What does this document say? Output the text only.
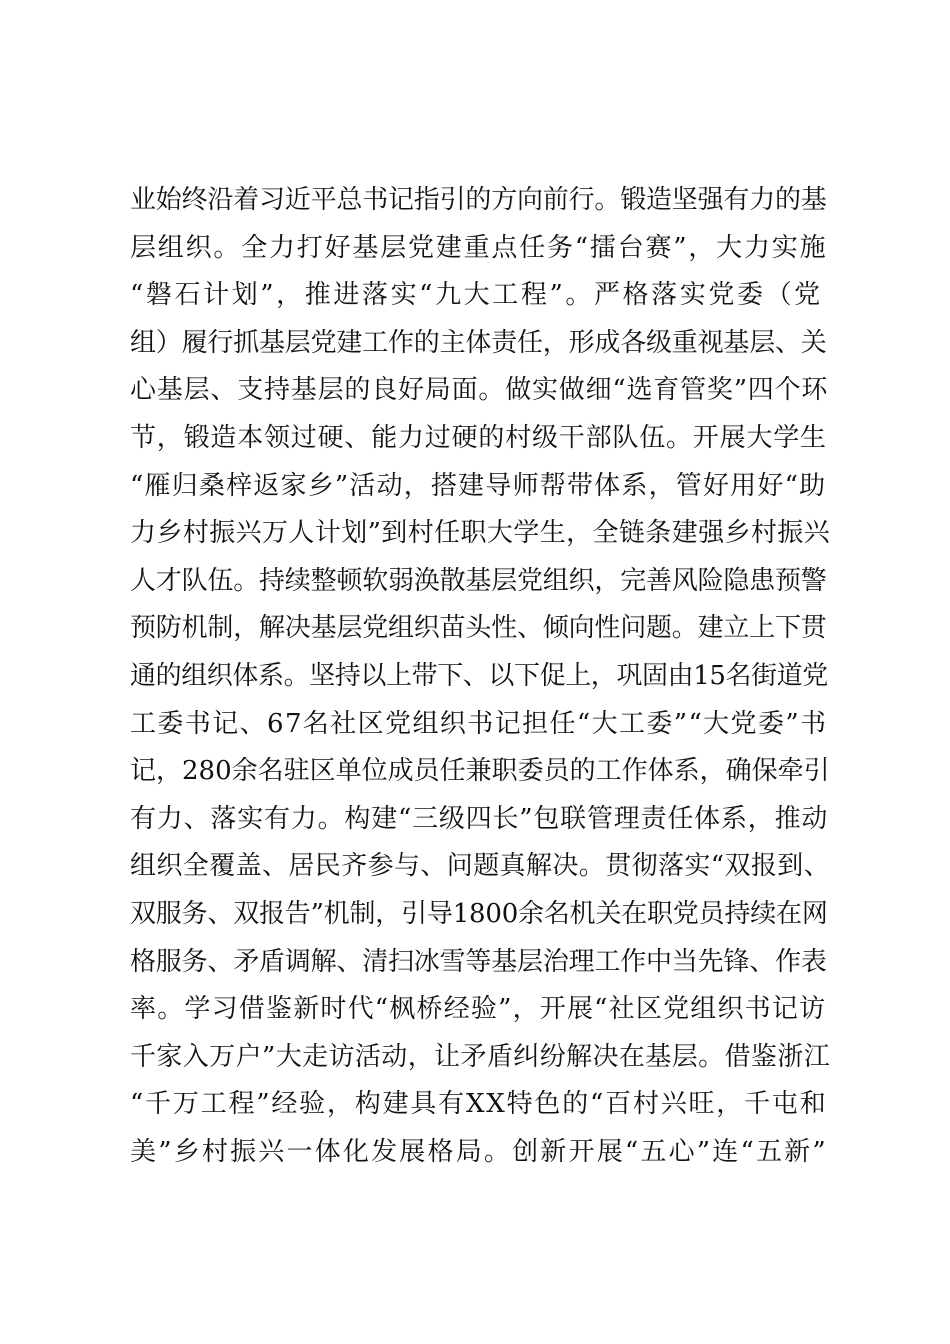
业始终沿着习近平总书记指引的方向前行。锻造坚强有力的基
层组织。全力打好基层党建重点任务“擂台赛”，大力实施
“磐石计划”，推进落实“九大工程”。严格落实党委（党
组）履行抓基层党建工作的主体责任，形成各级重视基层、关
心基层、支持基层的良好局面。做实做细“选育管奖”四个环
节，锻造本领过硬、能力过硬的村级干部队伍。开展大学生
“雁归桑梓返家乡”活动，搭建导师帮带体系，管好用好“助
力乡村振兴万人计划”到村任职大学生，全链条建强乡村振兴
人才队伍。持续整顿软弱涣散基层党组织，完善风险隐患预警
预防机制，解决基层党组织苗头性、倾向性问题。建立上下贯
通的组织体系。坚持以上带下、以下促上，巩固由15名街道党
工委书记、67名社区党组织书记担任“大工委”“大党委”书
记，280余名驻区单位成员任兼职委员的工作体系，确保牵引
有力、落实有力。构建“三级四长”包联管理责任体系，推动
组织全覆盖、居民齐参与、问题真解决。贯彻落实“双报到、
双服务、双报告”机制，引导1800余名机关在职党员持续在网
格服务、矛盾调解、清扫冰雪等基层治理工作中当先锋、作表
率。学习借鉴新时代“枫桥经验”，开展“社区党组织书记访
千家入万户”大走访活动，让矛盾纠纷解决在基层。借鉴浙江
“千万工程”经验，构建具有XX特色的“百村兴旺，千屯和
美”乡村振兴一体化发展格局。创新开展“五心”连“五新”
